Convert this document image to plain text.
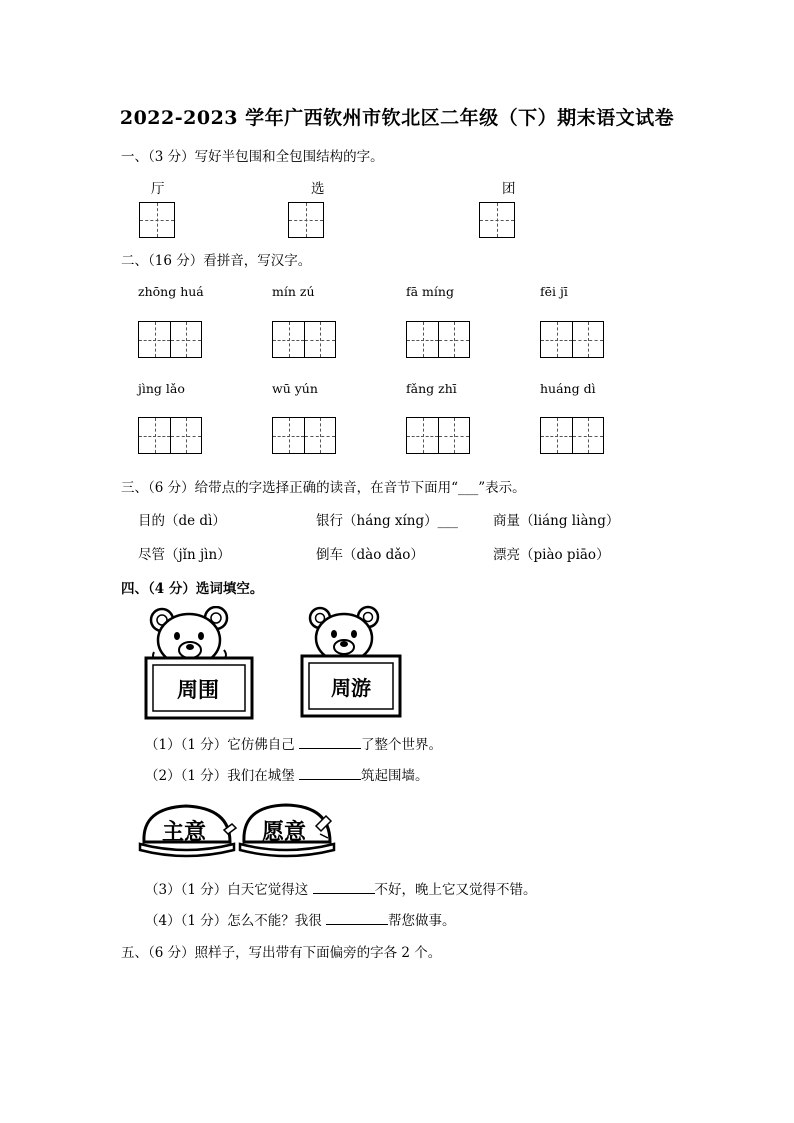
2022-2023 学年广西钦州市钦北区二年级（下）期末语文试卷
一、（3 分）写好半包围和全包围结构的字。
厅	选	团
二、（16 分）看拼音，写汉字。
zhōng huá	mín zú	fā míng	fēi jī
jìng lǎo	wū yún	fǎng zhī	huáng dì
三、（6 分）给带点的字选择正确的读音，在音节下面用“___”表示。
目的（de dì）	银行（háng xíng）___	商量（liáng liàng）
尽管（jǐn jìn）	倒车（dào dǎo）	漂亮（piào piāo）
四、（4 分）选词填空。
周围	周游
（1）（1 分）它仿佛自己	了整个世界。
（2）（1 分）我们在城堡	筑起围墙。
主意	愿意
（3）（1 分）白天它觉得这	不好，晚上它又觉得不错。
（4）（1 分）怎么不能？我很	帮您做事。
五、（6 分）照样子，写出带有下面偏旁的字各 2 个。
